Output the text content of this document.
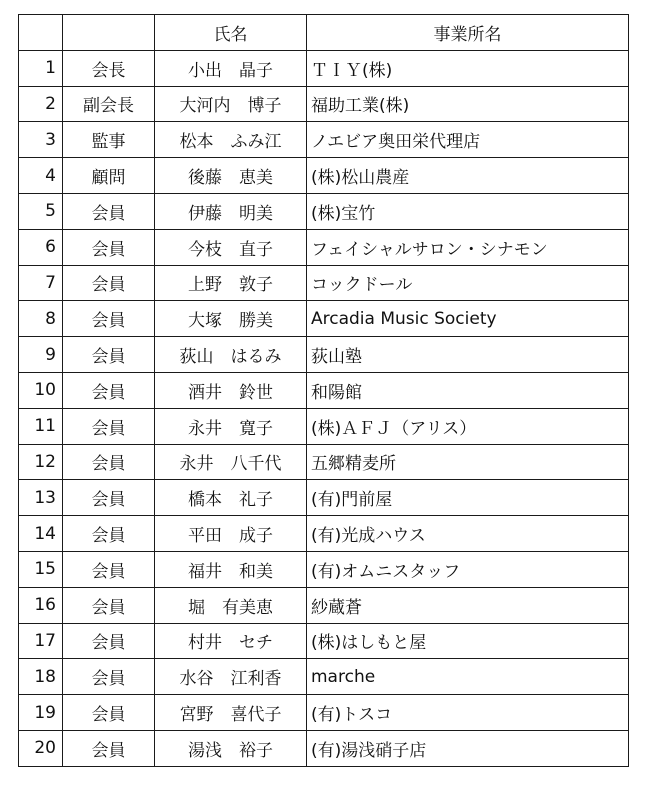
		氏名	事業所名
1	会長	小出　晶子	ＴＩＹ(株)
2	副会長	大河内　博子	福助工業(株)
3	監事	松本　ふみ江	ノエビア奥田栄代理店
4	顧問	後藤　恵美	(株)松山農産
5	会員	伊藤　明美	(株)宝竹
6	会員	今枝　直子	フェイシャルサロン・シナモン
7	会員	上野　敦子	コックドール
8	会員	大塚　勝美	Arcadia Music Society
9	会員	荻山　はるみ	荻山塾
10	会員	酒井　鈴世	和陽館
11	会員	永井　寛子	(株)ＡＦＪ（アリス）
12	会員	永井　八千代	五郷精麦所
13	会員	橋本　礼子	(有)門前屋
14	会員	平田　成子	(有)光成ハウス
15	会員	福井　和美	(有)オムニスタッフ
16	会員	堀　有美恵	紗蔵蒼
17	会員	村井　セチ	(株)はしもと屋
18	会員	水谷　江利香	marche
19	会員	宮野　喜代子	(有)トスコ
20	会員	湯浅　裕子	(有)湯浅硝子店
